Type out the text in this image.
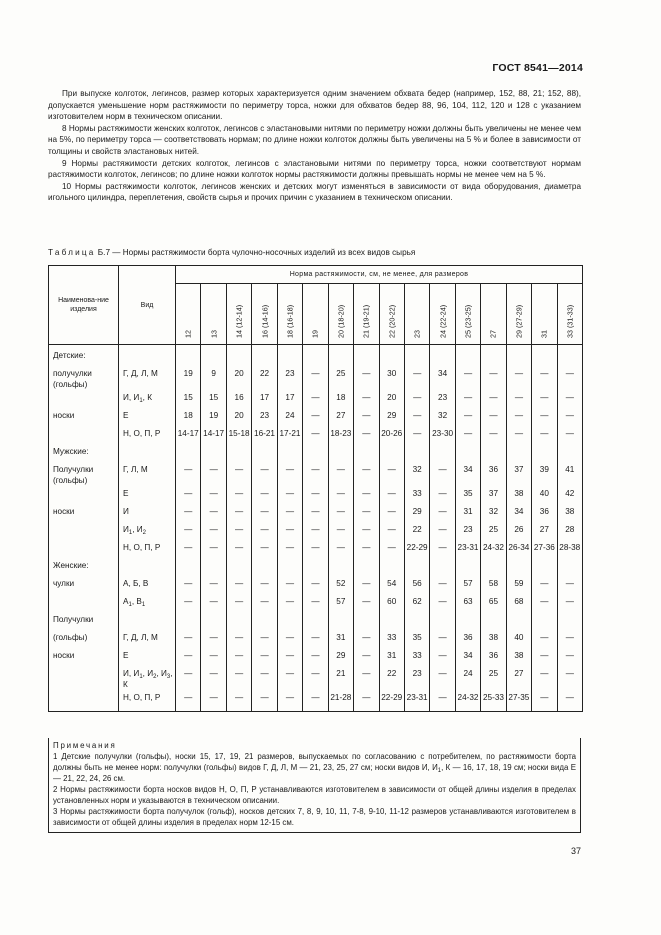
ГОСТ 8541—2014

При выпуске колготок, легинсов, размер которых характеризуется одним значением обхвата бедер (например, 152, 88, 21; 152, 88), допускается уменьшение норм растяжимости по периметру торса, ножки для обхватов бедер 88, 96, 104, 112, 120 и 128 с указанием изготовителем норм в техническом описании.

8 Нормы растяжимости женских колготок, легинсов с эластановыми нитями по периметру ножки должны быть увеличены не менее чем на 5%, по периметру торса — соответствовать нормам; по длине ножки колготок должны быть увеличены на 5 % и более в зависимости от толщины и свойств эластановых нитей.

9 Нормы растяжимости детских колготок, легинсов с эластановыми нитями по периметру торса, ножки соответствуют нормам растяжимости колготок, легинсов; по длине ножки колготок нормы растяжимости должны превышать нормы не менее чем на 5 %.

10 Нормы растяжимости колготок, легинсов женских и детских могут изменяться в зависимости от вида оборудования, диаметра игольного цилиндра, переплетения, свойств сырья и прочих причин с указанием в техническом описании.

Таблица Б.7 — Нормы растяжимости борта чулочно-носочных изделий из всех видов сырья
Наименова-ние изделия	Вид	Норма растяжимости, см, не менее, для размеров															

		12	13	14 (12-14)	16 (14-16)	18 (16-18)	19	20 (18-20)	21 (19-21)	22 (20-22)	23	24 (22-24)	25 (23-25)	27	29 (27-29)	31	33 (31-33)

Детские:																	
получулки (гольфы)	Г, Д, Л, М	19	9	20	22	23	—	25	—	30	—	34	—	—	—	—	—
	И, $И_1$, К	15	15	16	17	17	—	18	—	20	—	23	—	—	—	—	—
носки	Е	18	19	20	23	24	—	27	—	29	—	32	—	—	—	—	—
	Н, О, П, Р	14-17	14-17	15-18	16-21	17-21	—	18-23	—	20-26	—	23-30	—	—	—	—	—
Мужские:																	
Получулки (гольфы)	Г, Л, М	—	—	—	—	—	—	—	—	—	32	—	34	36	37	39	41
	Е	—	—	—	—	—	—	—	—	—	33	—	35	37	38	40	42
носки	И	—	—	—	—	—	—	—	—	—	29	—	31	32	34	36	38
	$И_1$, $И_2$	—	—	—	—	—	—	—	—	—	22	—	23	25	26	27	28
	Н, О, П, Р	—	—	—	—	—	—	—	—	—	22-29	—	23-31	24-32	26-34	27-36	28-38
Женские:																	
чулки	А, Б, В	—	—	—	—	—	—	52	—	54	56	—	57	58	59	—	—
	$А_1$, $В_1$	—	—	—	—	—	—	57	—	60	62	—	63	65	68	—	—
Получулки																	
(гольфы)	Г, Д, Л, М	—	—	—	—	—	—	31	—	33	35	—	36	38	40	—	—
носки	Е	—	—	—	—	—	—	29	—	31	33	—	34	36	38	—	—
	И, $И_1$, $И_2$, $И_3$, К	—	—	—	—	—	—	21	—	22	23	—	24	25	27	—	—
	Н, О, П, Р	—	—	—	—	—	—	21-28	—	22-29	23-31	—	24-32	25-33	27-35	—	—

Примечания

1 Детские получулки (гольфы), носки 15, 17, 19, 21 размеров, выпускаемых по согласованию с потребителем, по растяжимости борта должны быть не менее норм: получулки (гольфы) видов Г, Д, Л, М — 21, 23, 25, 27 см; носки видов И, $И_1$, К — 16, 17, 18, 19 см; носки вида Е — 21, 22, 24, 26 см.

2 Нормы растяжимости борта носков видов Н, О, П, Р устанавливаются изготовителем в зависимости от общей длины изделия в пределах установленных норм и указываются в техническом описании.

3 Нормы растяжимости борта получулок (гольф), носков детских 7, 8, 9, 10, 11, 7-8, 9-10, 11-12 размеров устанавливаются изготовителем в зависимости от общей длины изделия в пределах норм 12-15 см.

37
